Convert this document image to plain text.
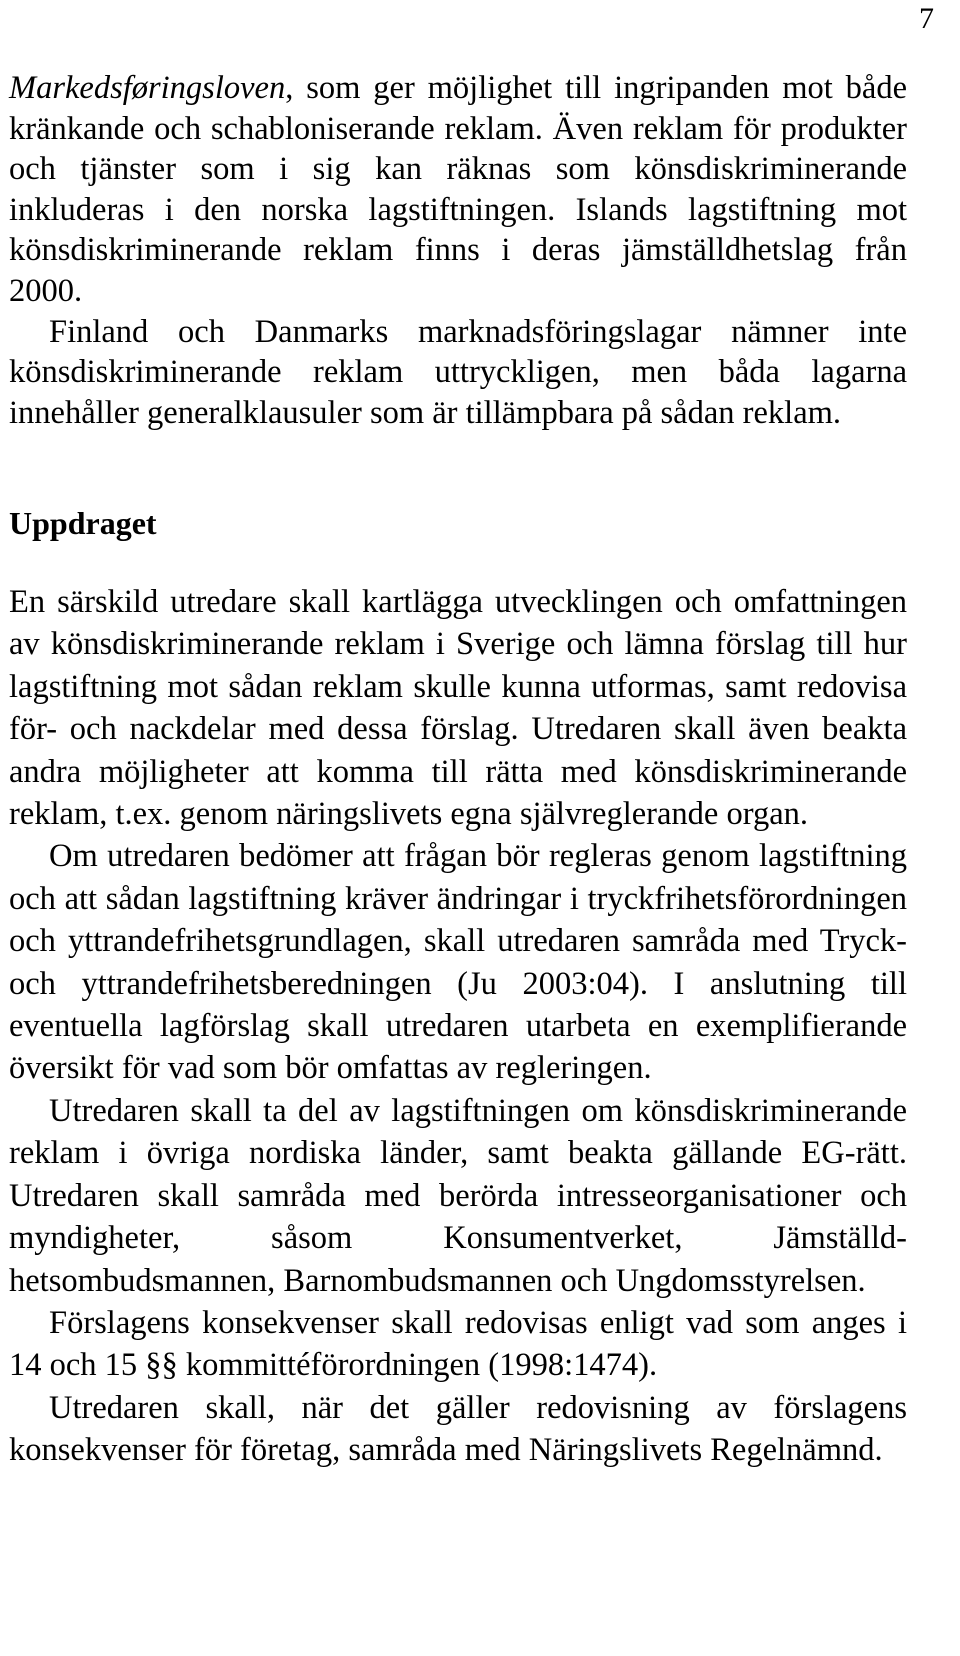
7

Markedsføringsloven, som ger möjlighet till ingripanden mot både kränkande och schabloniserande reklam. Även reklam för produkter och tjänster som i sig kan räknas som könsdiskriminerande inkluderas i den norska lagstiftningen. Islands lagstiftning mot könsdiskriminerande reklam finns i deras jämställdhetslag från 2000.

Finland och Danmarks marknadsföringslagar nämner inte könsdiskriminerande reklam uttryckligen, men båda lagarna innehåller generalklausuler som är tillämpbara på sådan reklam.

Uppdraget

En särskild utredare skall kartlägga utvecklingen och omfattningen av könsdiskriminerande reklam i Sverige och lämna förslag till hur lagstiftning mot sådan reklam skulle kunna utformas, samt redovisa för- och nackdelar med dessa förslag. Utredaren skall även beakta andra möjligheter att komma till rätta med könsdiskriminerande reklam, t.ex. genom näringslivets egna självreglerande organ.

Om utredaren bedömer att frågan bör regleras genom lagstiftning och att sådan lagstiftning kräver ändringar i tryckfrihetsförordningen och yttrandefrihetsgrundlagen, skall utredaren samråda med Tryck- och yttrandefrihetsberedningen (Ju 2003:04). I anslutning till eventuella lagförslag skall utredaren utarbeta en exemplifierande översikt för vad som bör omfattas av regleringen.

Utredaren skall ta del av lagstiftningen om könsdiskriminerande reklam i övriga nordiska länder, samt beakta gällande EG-rätt. Utredaren skall samråda med berörda intresseorganisationer och myndigheter, såsom Konsumentverket, Jämställdhetsombudsmannen, Barnombudsmannen och Ungdomsstyrelsen.

Förslagens konsekvenser skall redovisas enligt vad som anges i 14 och 15 §§ kommittéförordningen (1998:1474).

Utredaren skall, när det gäller redovisning av förslagens konsekvenser för företag, samråda med Näringslivets Regelnämnd.
